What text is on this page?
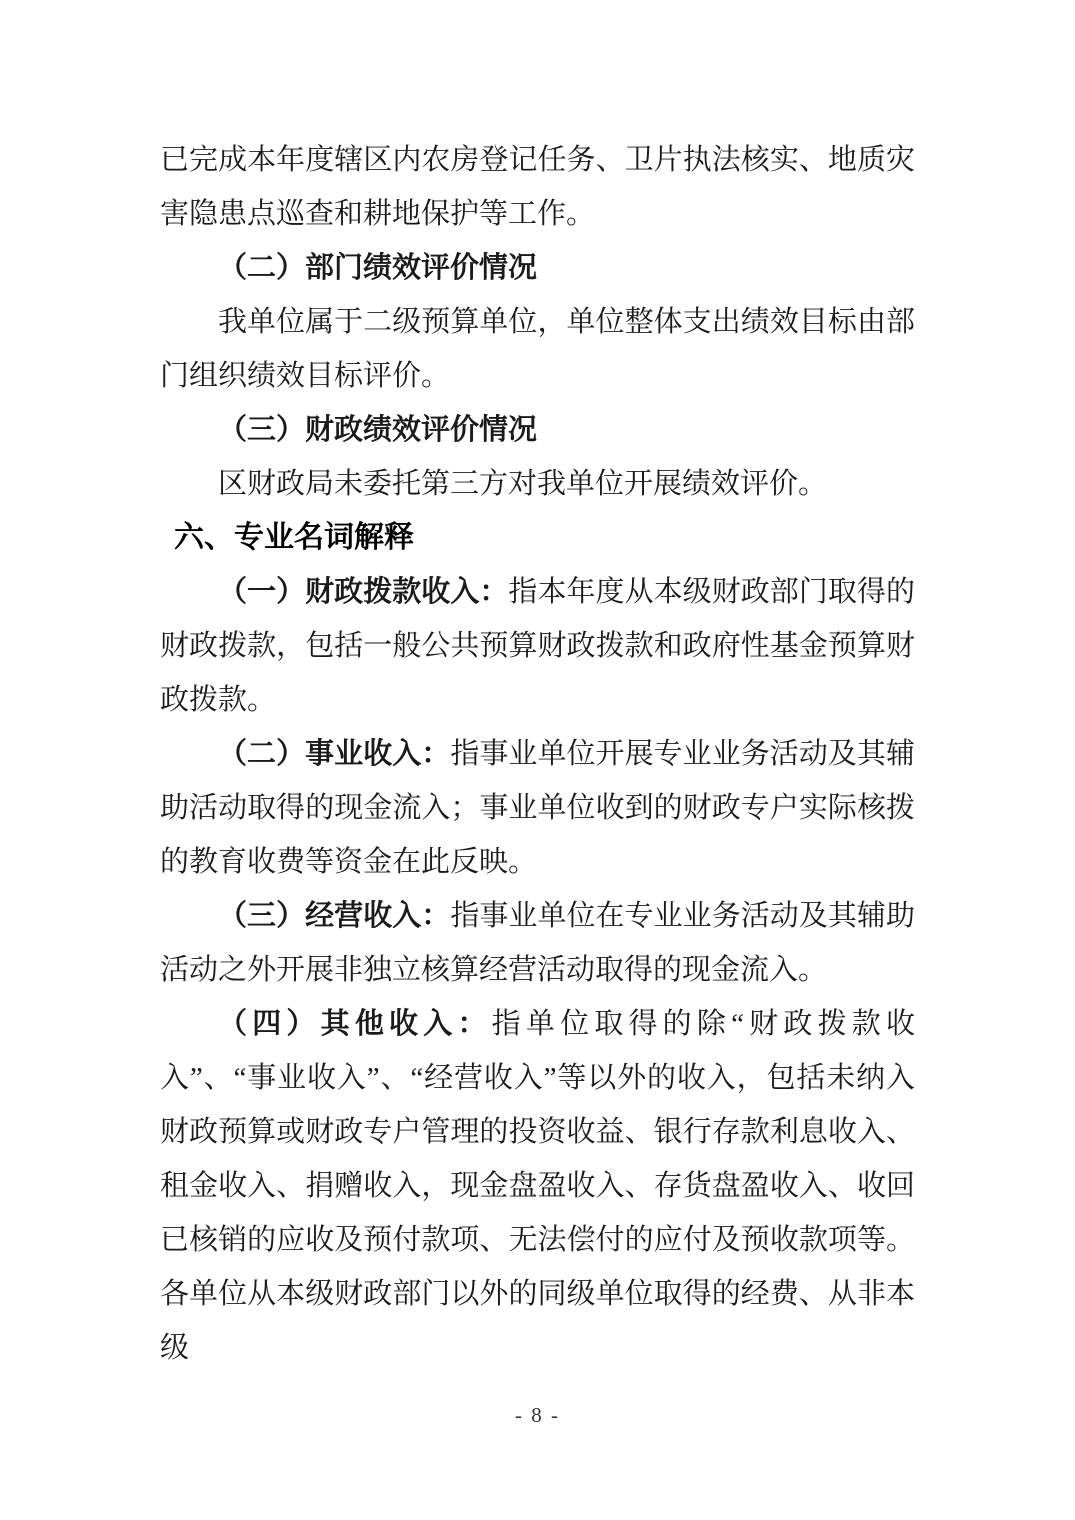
已完成本年度辖区内农房登记任务、卫片执法核实、地质灾害隐患点巡查和耕地保护等工作。

（二）部门绩效评价情况

我单位属于二级预算单位，单位整体支出绩效目标由部门组织绩效目标评价。

（三）财政绩效评价情况

区财政局未委托第三方对我单位开展绩效评价。

六、专业名词解释

（一）财政拨款收入：指本年度从本级财政部门取得的财政拨款，包括一般公共预算财政拨款和政府性基金预算财政拨款。

（二）事业收入：指事业单位开展专业业务活动及其辅助活动取得的现金流入；事业单位收到的财政专户实际核拨的教育收费等资金在此反映。

（三）经营收入：指事业单位在专业业务活动及其辅助活动之外开展非独立核算经营活动取得的现金流入。

（四）其他收入：指单位取得的除“财政拨款收入”、“事业收入”、“经营收入”等以外的收入，包括未纳入财政预算或财政专户管理的投资收益、银行存款利息收入、租金收入、捐赠收入，现金盘盈收入、存货盘盈收入、收回已核销的应收及预付款项、无法偿付的应付及预收款项等。各单位从本级财政部门以外的同级单位取得的经费、从非本级

- 8 -
